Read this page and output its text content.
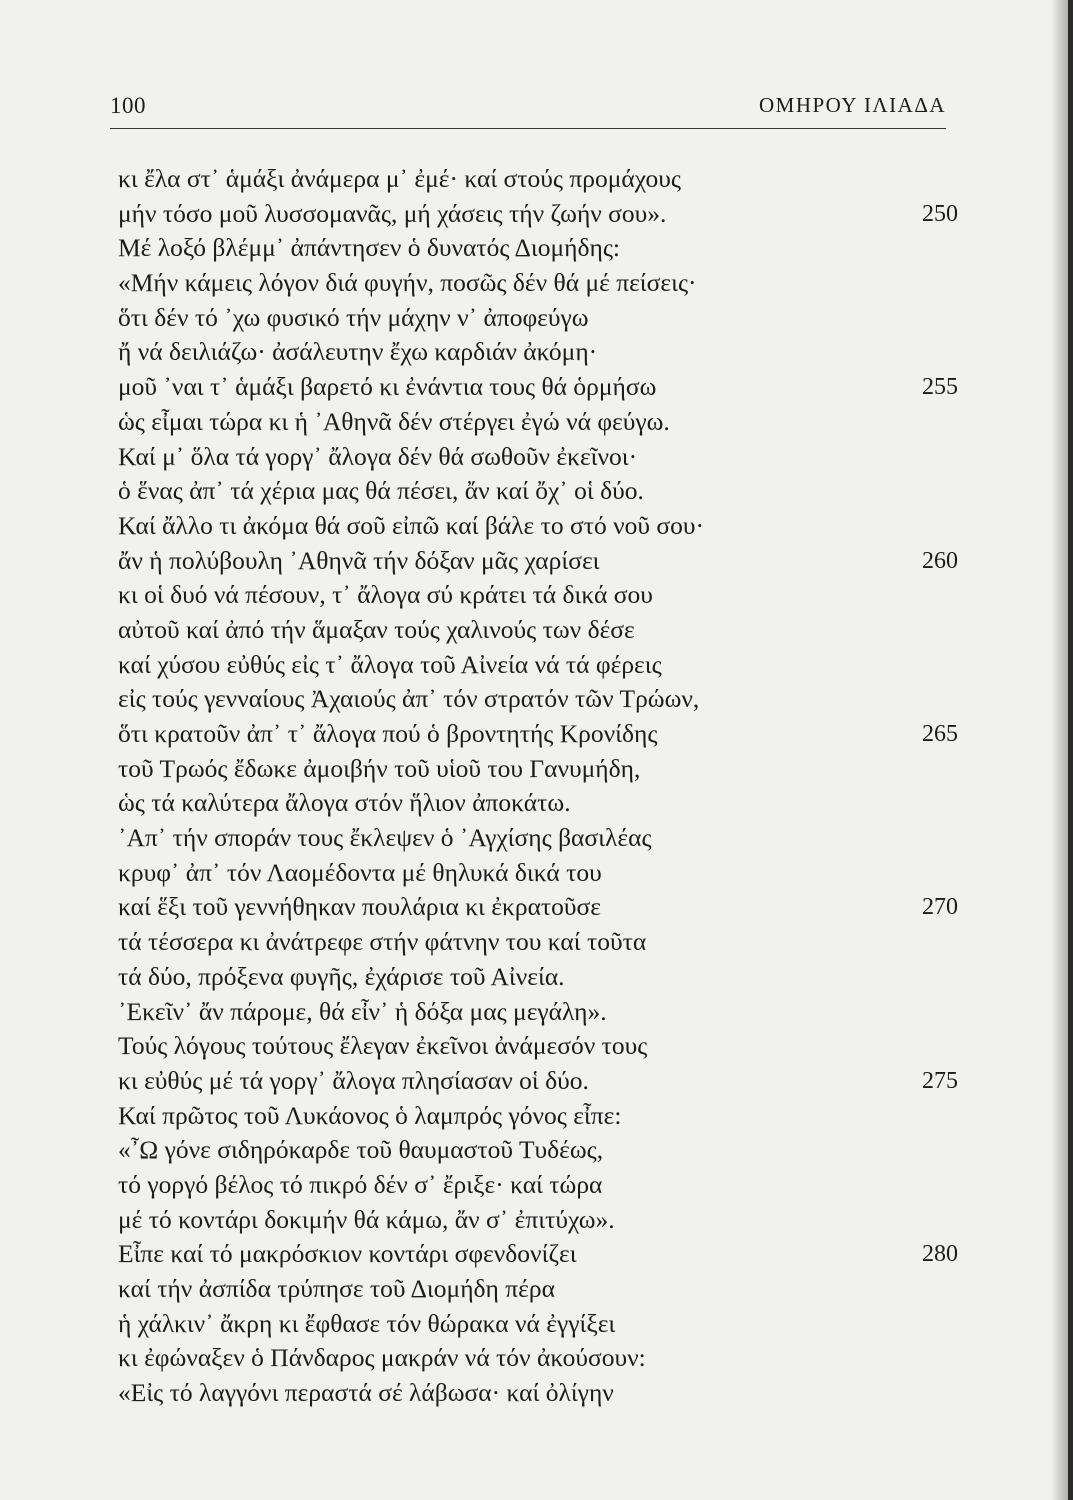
100	ΟΜΗΡΟΥ ΙΛΙΑΔΑ
κι ἔλα στ᾽ ἁμάξι ἀνάμερα μ᾽ ἐμέ· καί στούς προμάχους
μήν τόσο μοῦ λυσσομανᾶς, μή χάσεις τήν ζωήν σου».	250
Μέ λοξό βλέμμ᾽ ἀπάντησεν ὁ δυνατός Διομήδης:
«Μήν κάμεις λόγον διά φυγήν, ποσῶς δέν θά μέ πείσεις·
ὅτι δέν τό ᾽χω φυσικό τήν μάχην ν᾽ ἀποφεύγω
ἤ νά δειλιάζω· ἀσάλευτην ἔχω καρδιάν ἀκόμη·
μοῦ ᾽ναι τ᾽ ἁμάξι βαρετό κι ἐνάντια τους θά ὁρμήσω	255
ὡς εἶμαι τώρα κι ἡ ᾽Αθηνᾶ δέν στέργει ἐγώ νά φεύγω.
Καί μ᾽ ὅλα τά γοργ᾽ ἄλογα δέν θά σωθοῦν ἐκεῖνοι·
ὁ ἕνας ἀπ᾽ τά χέρια μας θά πέσει, ἄν καί ὄχ᾽ οἱ δύο.
Καί ἄλλο τι ἀκόμα θά σοῦ εἰπῶ καί βάλε το στό νοῦ σου·
ἄν ἡ πολύβουλη ᾽Αθηνᾶ τήν δόξαν μᾶς χαρίσει	260
κι οἱ δυό νά πέσουν, τ᾽ ἄλογα σύ κράτει τά δικά σου
αὐτοῦ καί ἀπό τήν ἅμαξαν τούς χαλινούς των δέσε
καί χύσου εὐθύς εἰς τ᾽ ἄλογα τοῦ Αἰνεία νά τά φέρεις
εἰς τούς γενναίους Ἀχαιούς ἀπ᾽ τόν στρατόν τῶν Τρώων,
ὅτι κρατοῦν ἀπ᾽ τ᾽ ἄλογα πού ὁ βροντητής Κρονίδης	265
τοῦ Τρωός ἔδωκε ἀμοιβήν τοῦ υἱοῦ του Γανυμήδη,
ὡς τά καλύτερα ἄλογα στόν ἥλιον ἀποκάτω.
᾽Απ᾽ τήν σποράν τους ἔκλεψεν ὁ ᾽Αγχίσης βασιλέας
κρυφ᾽ ἀπ᾽ τόν Λαομέδοντα μέ θηλυκά δικά του
καί ἕξι τοῦ γεννήθηκαν πουλάρια κι ἐκρατοῦσε	270
τά τέσσερα κι ἀνάτρεφε στήν φάτνην του καί τοῦτα
τά δύο, πρόξενα φυγῆς, ἐχάρισε τοῦ Αἰνεία.
᾽Εκεῖν᾽ ἄν πάρομε, θά εἶν᾽ ἡ δόξα μας μεγάλη».
Τούς λόγους τούτους ἔλεγαν ἐκεῖνοι ἀνάμεσόν τους
κι εὐθύς μέ τά γοργ᾽ ἄλογα πλησίασαν οἱ δύο.	275
Καί πρῶτος τοῦ Λυκάονος ὁ λαμπρός γόνος εἶπε:
«῏Ω γόνε σιδηρόκαρδε τοῦ θαυμαστοῦ Τυδέως,
τό γοργό βέλος τό πικρό δέν σ᾽ ἔριξε· καί τώρα
μέ τό κοντάρι δοκιμήν θά κάμω, ἄν σ᾽ ἐπιτύχω».
Εἶπε καί τό μακρόσκιον κοντάρι σφενδονίζει	280
καί τήν ἀσπίδα τρύπησε τοῦ Διομήδη πέρα
ἡ χάλκιν᾽ ἄκρη κι ἔφθασε τόν θώρακα νά ἐγγίξει
κι ἐφώναξεν ὁ Πάνδαρος μακράν νά τόν ἀκούσουν:
«Εἰς τό λαγγόνι περαστά σέ λάβωσα· καί ὀλίγην
